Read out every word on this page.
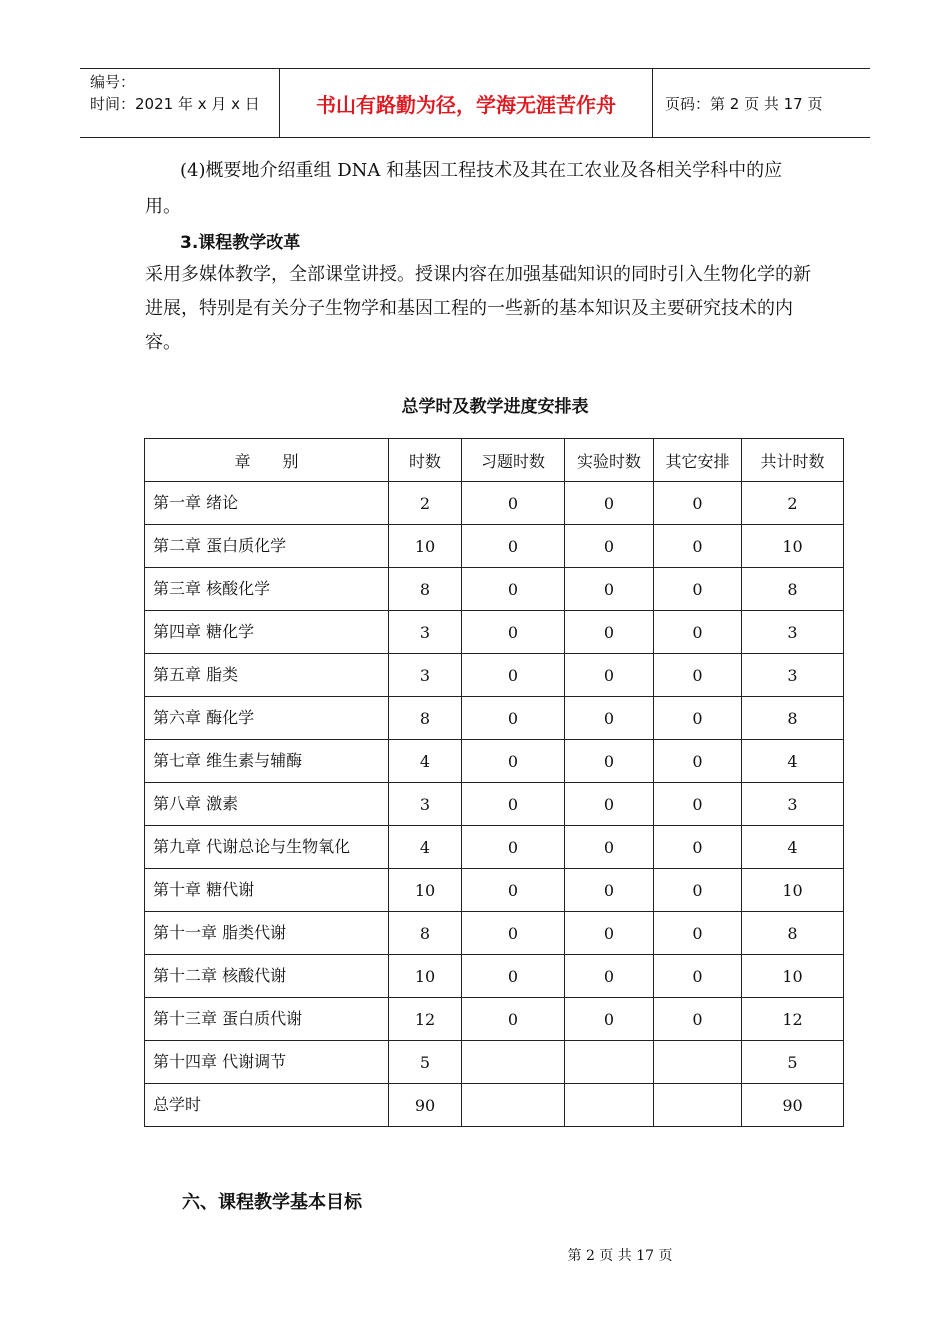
编号：
时间：2021 年 x 月 x 日	书山有路勤为径，学海无涯苦作舟	页码：第 2 页 共 17 页

(4)概要地介绍重组 DNA 和基因工程技术及其在工农业及各相关学科中的应

用。

3.课程教学改革

采用多媒体教学，全部课堂讲授。授课内容在加强基础知识的同时引入生物化学的新进展，特别是有关分子生物学和基因工程的一些新的基本知识及主要研究技术的内容。

总学时及教学进度安排表

章　　别	时数	习题时数	实验时数	其它安排	共计时数
第一章 绪论	2	0	0	0	2
第二章 蛋白质化学	10	0	0	0	10
第三章 核酸化学	8	0	0	0	8
第四章 糖化学	3	0	0	0	3
第五章 脂类	3	0	0	0	3
第六章 酶化学	8	0	0	0	8
第七章 维生素与辅酶	4	0	0	0	4
第八章 激素	3	0	0	0	3
第九章 代谢总论与生物氧化	4	0	0	0	4
第十章 糖代谢	10	0	0	0	10
第十一章 脂类代谢	8	0	0	0	8
第十二章 核酸代谢	10	0	0	0	10
第十三章 蛋白质代谢	12	0	0	0	12
第十四章 代谢调节	5				5
总学时	90				90

六、课程教学基本目标

第 2 页 共 17 页
